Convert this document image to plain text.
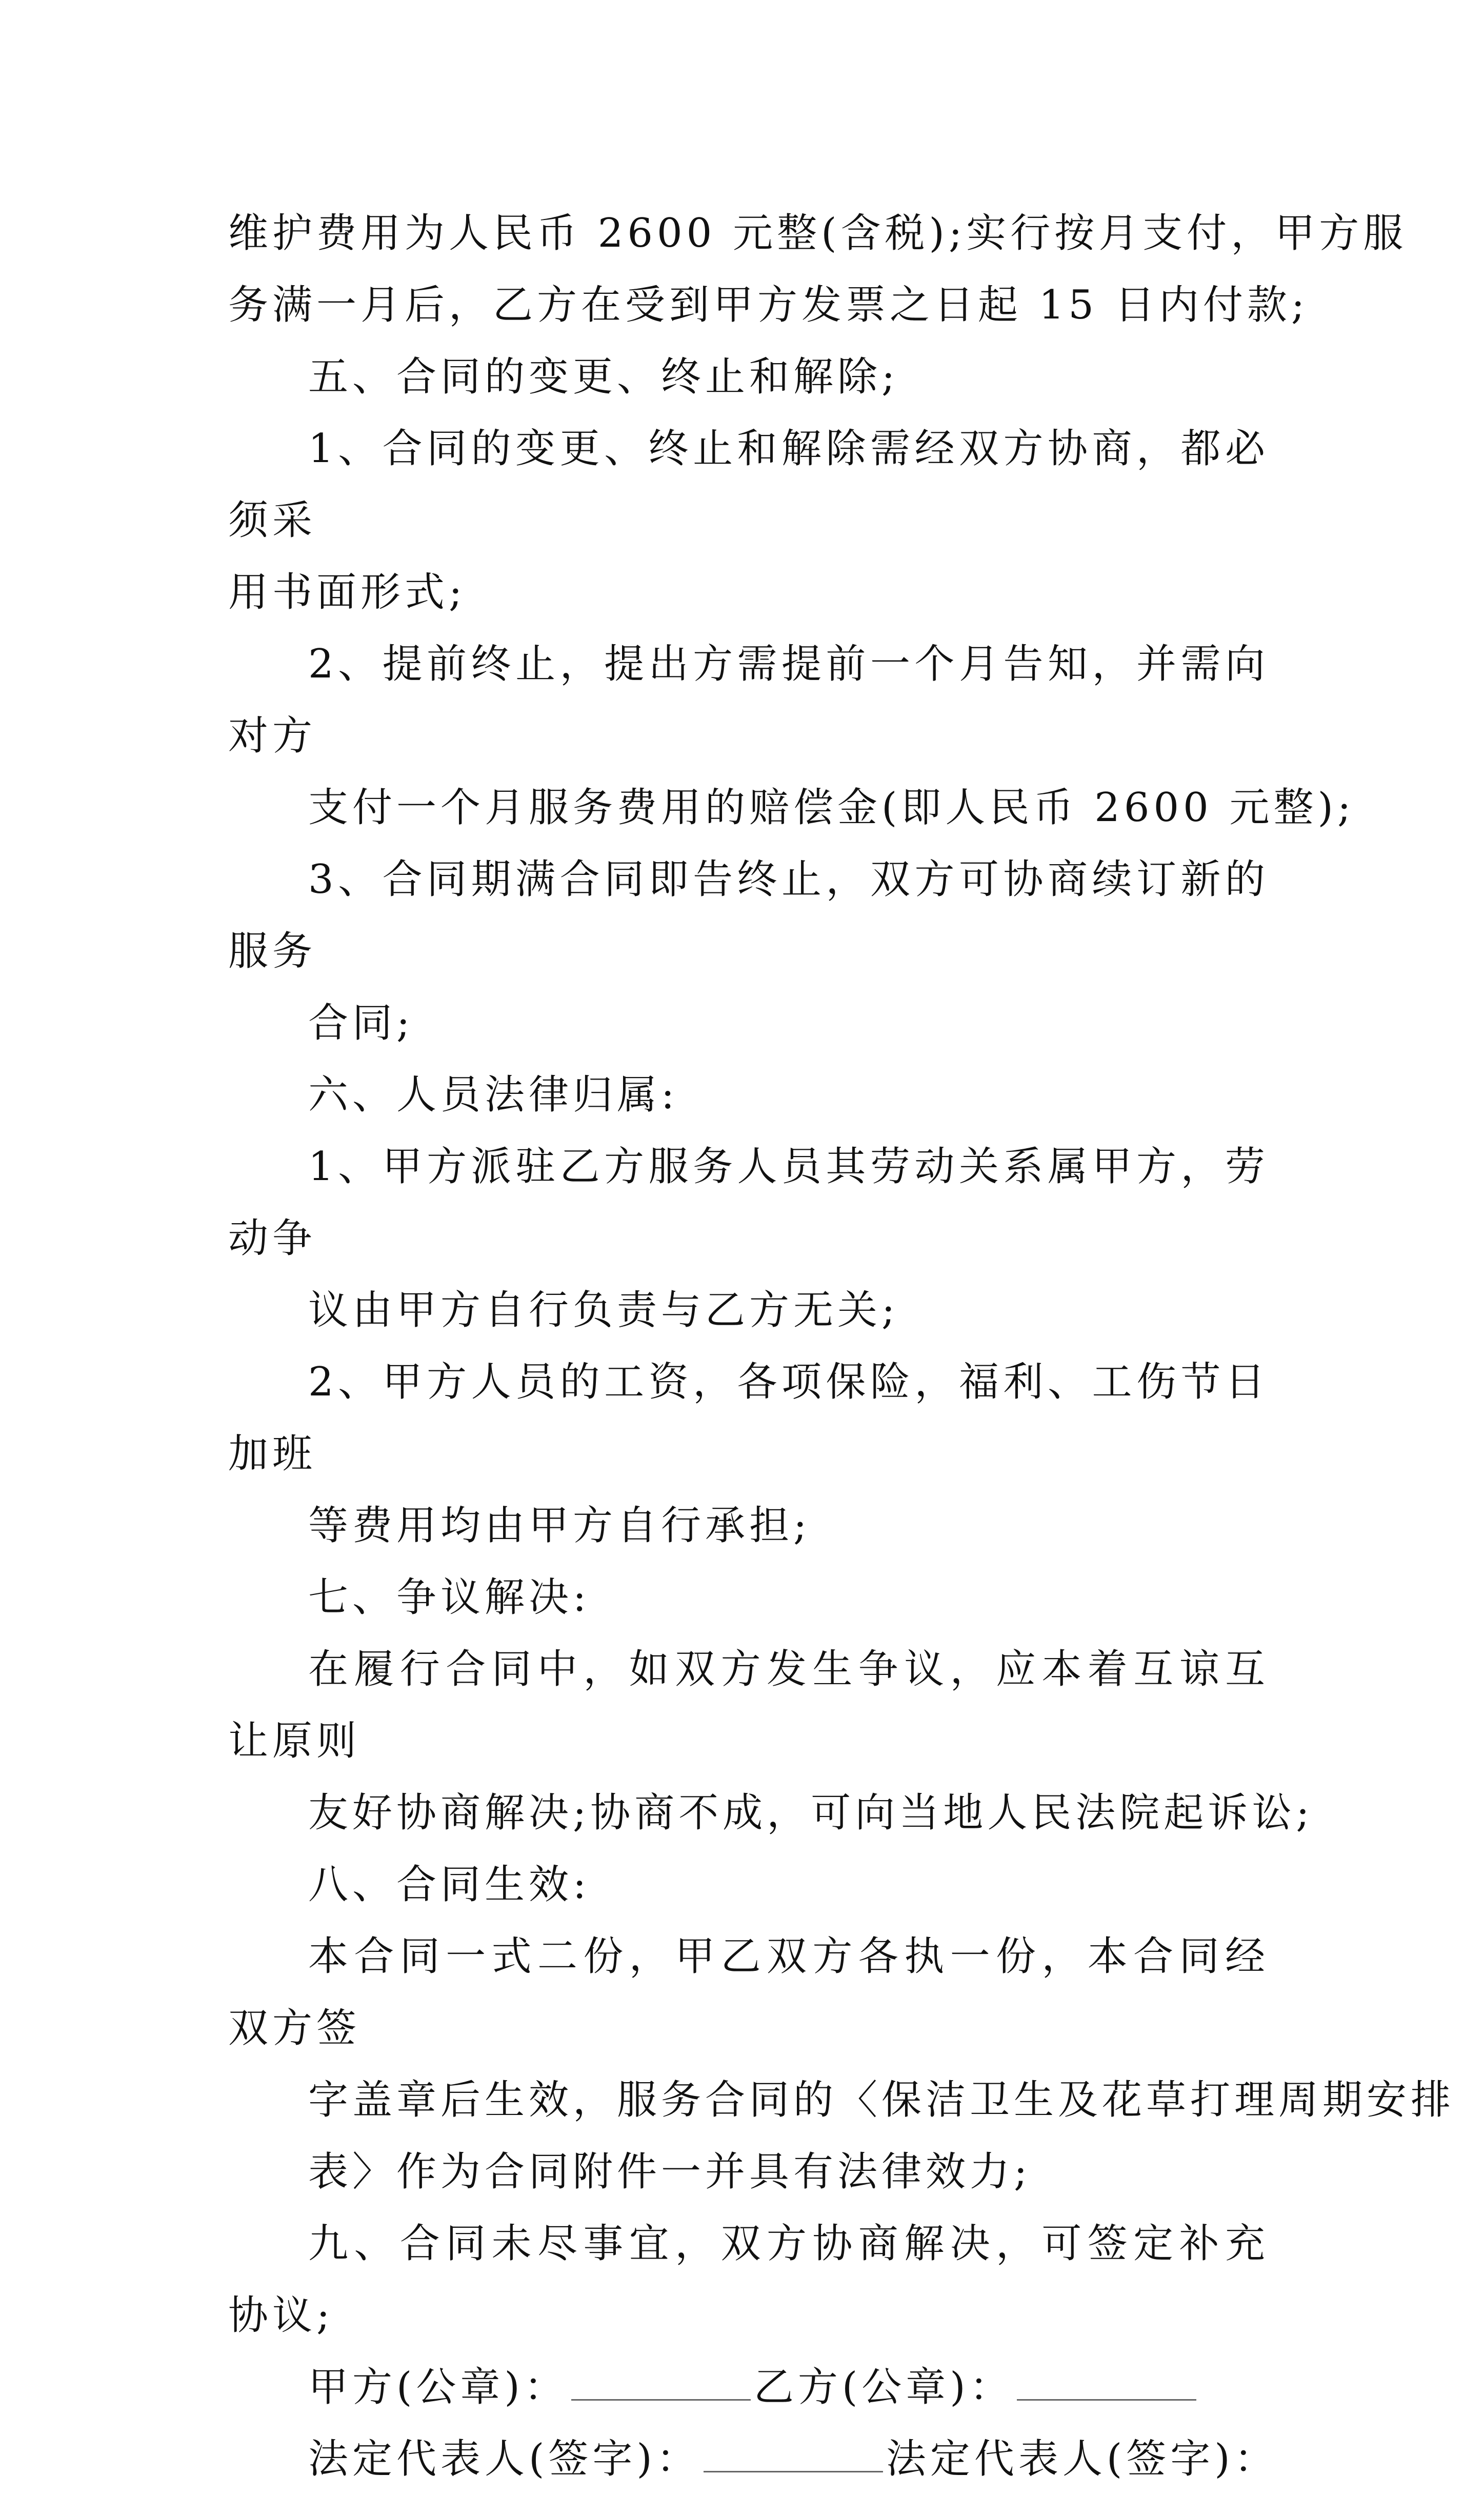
维护费用为人民币 2600 元整(含税);实行按月支付，甲方服
务满一月后，乙方在受到甲方发票之日起 15 日内付款;

五、合同的变更、终止和解除;

1、合同的变更、终止和解除需经双方协商，都必须采

用书面形式;

2、提前终止，提出方需提前一个月告知，并需向对方

支付一个月服务费用的赔偿金(即人民币 2600 元整);

3、合同期满合同即告终止，双方可协商续订新的服务

合同;

六、人员法律归属:

1、甲方派驻乙方服务人员其劳动关系属甲方，劳动争

议由甲方自行负责与乙方无关;

2、甲方人员的工资，各项保险，福利、工伤节日加班

等费用均由甲方自行承担;

七、争议解决:

在履行合同中，如双方发生争议，应本着互谅互让原则

友好协商解决;协商不成，可向当地人民法院起诉讼;

八、合同生效:

本合同一式二份，甲乙双方各执一份，本合同经双方签

字盖章后生效，服务合同的〈保洁卫生及花草打理周期安排
表〉作为合同附件一并具有法律效力;

九、合同未尽事宜，双方协商解决，可签定补充协议;

甲方(公章)：	乙方(公章)：
法定代表人(签字)：	法定代表人(签字)：
